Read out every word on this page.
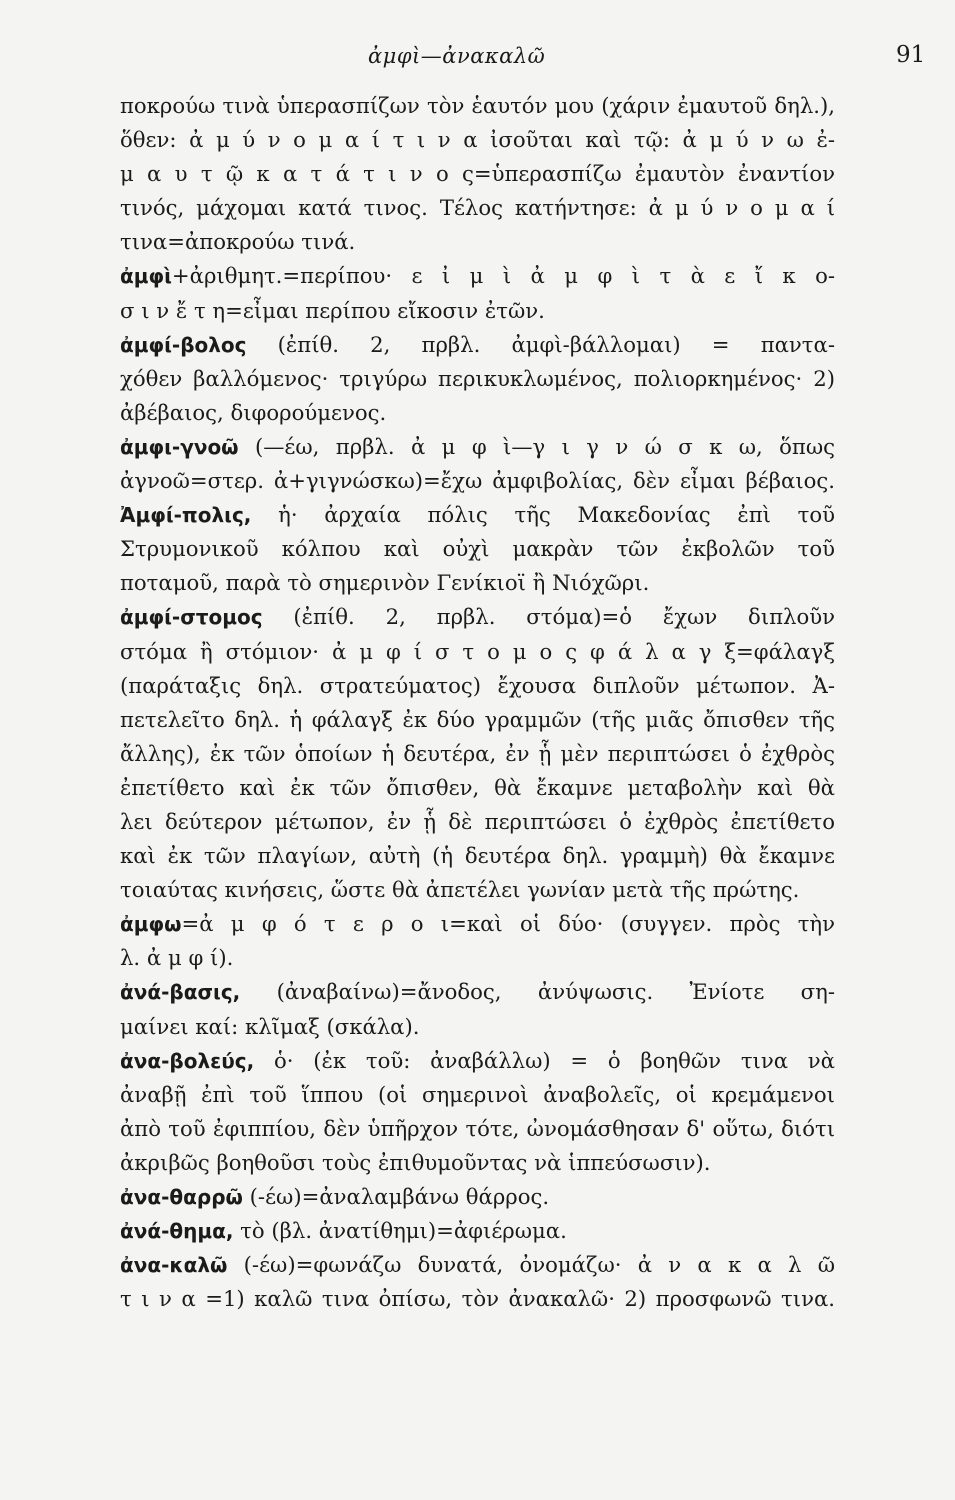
ἀμφὶ—ἀνακαλῶ	91
ποκρούω τινὰ ὑπερασπίζων τὸν ἑαυτόν μου (χάριν ἐμαυτοῦ δηλ.),
ὅθεν: ἀ μ ύ ν ο μ α ί τ ι ν α ἰσοῦται καὶ τῷ: ἀ μ ύ ν ω ἐ-
μ α υ τ ῷ κ α τ ά τ ι ν ο ς=ὑπερασπίζω ἐμαυτὸν ἐναντίον
τινός, μάχομαι κατά τινος. Τέλος κατήντησε: ἀ μ ύ ν ο μ α ί
τινα=ἀποκρούω τινά.
ἀμφὶ+ἀριθμητ.=περίπου· ε ἰ μ ὶ ἀ μ φ ὶ τ ὰ ε ἴ κ ο-
σ ι ν ἔ τ η=εἶμαι περίπου εἴκοσιν ἐτῶν.
ἀμφί-βολος (ἐπίθ. 2, πρβλ. ἀμφὶ-βάλλομαι) = παντα-
χόθεν βαλλόμενος· τριγύρω περικυκλωμένος, πολιορκημένος· 2)
ἀβέβαιος, διφορούμενος.
ἀμφι-γνοῶ (—έω, πρβλ. ἀ μ φ ὶ—γ ι γ ν ώ σ κ ω, ὅπως
ἀγνοῶ=στερ. ἀ+γιγνώσκω)=ἔχω ἀμφιβολίας, δὲν εἶμαι βέβαιος.
Ἀμφί-πολις, ἡ· ἀρχαία πόλις τῆς Μακεδονίας ἐπὶ τοῦ
Στρυμονικοῦ κόλπου καὶ οὐχὶ μακρὰν τῶν ἐκβολῶν τοῦ
ποταμοῦ, παρὰ τὸ σημερινὸν Γενίκιοϊ ἢ Νιόχῶρι.
ἀμφί-στομος (ἐπίθ. 2, πρβλ. στόμα)=ὁ ἔχων διπλοῦν
στόμα ἢ στόμιον· ἀ μ φ ί σ τ ο μ ο ς φ ά λ α γ ξ=φάλαγξ
(παράταξις δηλ. στρατεύματος) ἔχουσα διπλοῦν μέτωπον. Ἀ-
πετελεῖτο δηλ. ἡ φάλαγξ ἐκ δύο γραμμῶν (τῆς μιᾶς ὄπισθεν τῆς
ἄλλης), ἐκ τῶν ὁποίων ἡ δευτέρα, ἐν ᾗ μὲν περιπτώσει ὁ ἐχθρὸς
ἐπετίθετο καὶ ἐκ τῶν ὄπισθεν, θὰ ἔκαμνε μεταβολὴν καὶ θὰ
λει δεύτερον μέτωπον, ἐν ᾗ δὲ περιπτώσει ὁ ἐχθρὸς ἐπετίθετο
καὶ ἐκ τῶν πλαγίων, αὐτὴ (ἡ δευτέρα δηλ. γραμμὴ) θὰ ἔκαμνε
τοιαύτας κινήσεις, ὥστε θὰ ἀπετέλει γωνίαν μετὰ τῆς πρώτης.
ἀμφω=ἀ μ φ ό τ ε ρ ο ι=καὶ οἱ δύο· (συγγεν. πρὸς τὴν
λ. ἀ μ φ ί).
ἀνά-βασις, (ἀναβαίνω)=ἄνοδος, ἀνύψωσις. Ἐνίοτε ση-
μαίνει καί: κλῖμαξ (σκάλα).
ἀνα-βολεύς, ὁ· (ἐκ τοῦ: ἀναβάλλω) = ὁ βοηθῶν τινα νὰ
ἀναβῇ ἐπὶ τοῦ ἵππου (οἱ σημερινοὶ ἀναβολεῖς, οἱ κρεμάμενοι
ἀπὸ τοῦ ἐφιππίου, δὲν ὑπῆρχον τότε, ὠνομάσθησαν δ' οὕτω, διότι
ἀκριβῶς βοηθοῦσι τοὺς ἐπιθυμοῦντας νὰ ἱππεύσωσιν).
ἀνα-θαρρῶ (-έω)=ἀναλαμβάνω θάρρος.
ἀνά-θημα, τὸ (βλ. ἀνατίθημι)=ἀφιέρωμα.
ἀνα-καλῶ (-έω)=φωνάζω δυνατά, ὀνομάζω· ἀ ν α κ α λ ῶ
τ ι ν α =1) καλῶ τινα ὀπίσω, τὸν ἀνακαλῶ· 2) προσφωνῶ τινα.
